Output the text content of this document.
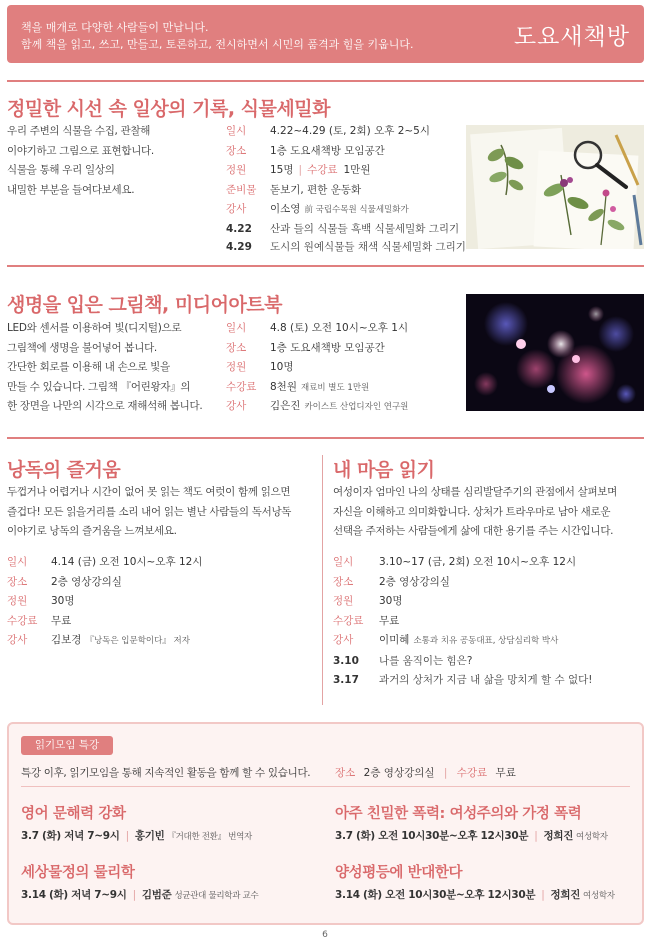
책을 매개로 다양한 사람들이 만납니다.
함께 책을 읽고, 쓰고, 만들고, 토론하고, 전시하면서 시민의 품격과 힘을 키웁니다.	도요새책방
정밀한 시선 속 일상의 기록, 식물세밀화
우리 주변의 식물을 수집, 관찰해
이야기하고 그림으로 표현합니다.
식물을 통해 우리 일상의
내밀한 부분을 들여다보세요.
일시 4.22~4.29 (토, 2회) 오후 2~5시
장소 1층 도요새책방 모임공간
정원 15명 | 수강료 1만원
준비물 돋보기, 편한 운동화
강사 이소영 前 국립수목원 식물세밀화가
4.22 산과 들의 식물들 흑백 식물세밀화 그리기
4.29 도시의 원예식물들 채색 식물세밀화 그리기
생명을 입은 그림책, 미디어아트북
LED와 센서를 이용하여 빛(디지털)으로
그림책에 생명을 불어넣어 봅니다.
간단한 회로를 이용해 내 손으로 빛을
만들 수 있습니다. 그림책 『어린왕자』의
한 장면을 나만의 시각으로 재해석해 봅니다.
일시 4.8 (토) 오전 10시~오후 1시
장소 1층 도요새책방 모임공간
정원 10명
수강료 8천원 재료비 별도 1만원
강사 김은진 카이스트 산업디자인 연구원
낭독의 즐거움
두껍거나 어렵거나 시간이 없어 못 읽는 책도 여럿이 함께 읽으면
즐겁다! 모든 읽을거리를 소리 내어 읽는 별난 사람들의 독서낭독
이야기로 낭독의 즐거움을 느껴보세요.
일시 4.14 (금) 오전 10시~오후 12시
장소 2층 영상강의실
정원 30명
수강료 무료
강사 김보경 『낭독은 입문학이다』 저자
내 마음 읽기
여성이자 엄마인 나의 상태를 심리발달주기의 관점에서 살펴보며
자신을 이해하고 의미화합니다. 상처가 트라우마로 남아 새로운
선택을 주저하는 사람들에게 삶에 대한 용기를 주는 시간입니다.
일시 3.10~17 (금, 2회) 오전 10시~오후 12시
장소 2층 영상강의실
정원 30명
수강료 무료
강사 이미혜 소통과 치유 공동대표, 상담심리학 박사
3.10 나를 움직이는 힘은?
3.17 과거의 상처가 지금 내 삶을 망치게 할 수 없다!
읽기모임 특강
특강 이후, 읽기모임을 통해 지속적인 활동을 함께 할 수 있습니다. 장소 2층 영상강의실 | 수강료 무료
영어 문해력 강화
3.7 (화) 저녁 7~9시 | 홍기빈 『거대한 전환』 번역자
아주 친밀한 폭력: 여성주의와 가정 폭력
3.7 (화) 오전 10시30분~오후 12시30분 | 정희진 여성학자
세상물정의 물리학
3.14 (화) 저녁 7~9시 | 김범준 성균관대 물리학과 교수
양성평등에 반대한다
3.14 (화) 오전 10시30분~오후 12시30분 | 정희진 여성학자
6
